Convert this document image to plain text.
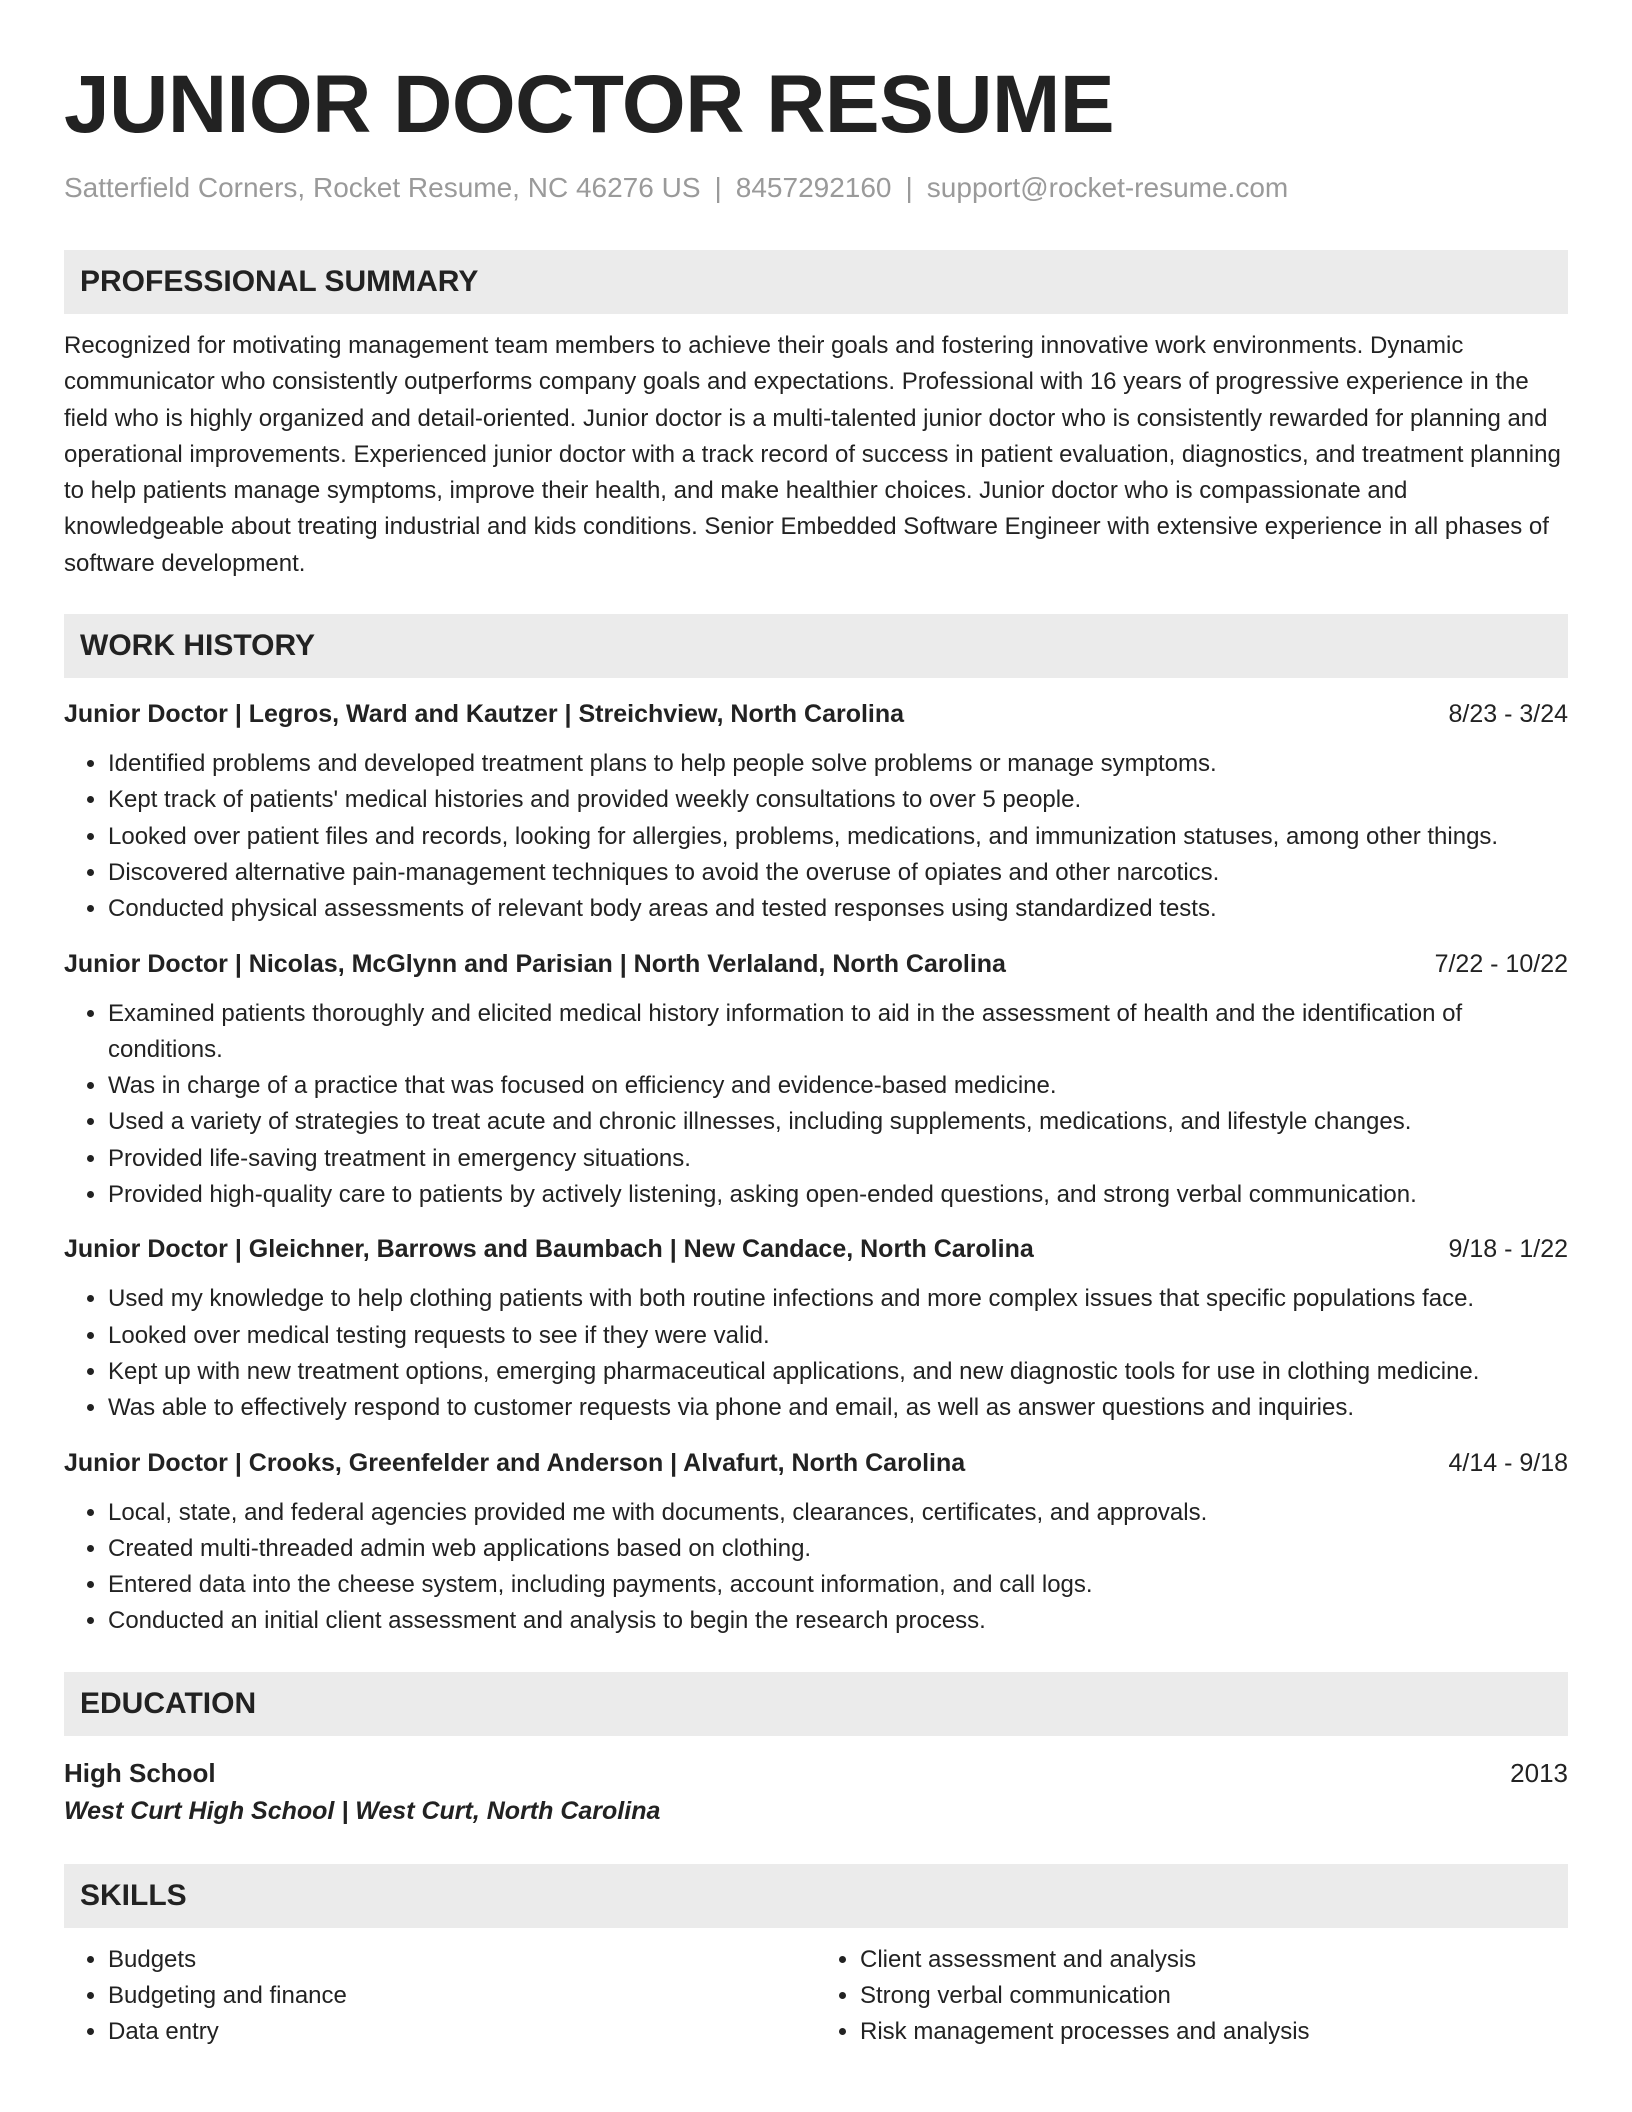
JUNIOR DOCTOR RESUME
Satterfield Corners, Rocket Resume, NC 46276 US | 8457292160 | support@rocket-resume.com
PROFESSIONAL SUMMARY
Recognized for motivating management team members to achieve their goals and fostering innovative work environments. Dynamic communicator who consistently outperforms company goals and expectations. Professional with 16 years of progressive experience in the field who is highly organized and detail-oriented. Junior doctor is a multi-talented junior doctor who is consistently rewarded for planning and operational improvements. Experienced junior doctor with a track record of success in patient evaluation, diagnostics, and treatment planning to help patients manage symptoms, improve their health, and make healthier choices. Junior doctor who is compassionate and knowledgeable about treating industrial and kids conditions. Senior Embedded Software Engineer with extensive experience in all phases of software development.
WORK HISTORY
Junior Doctor | Legros, Ward and Kautzer | Streichview, North Carolina	8/23 - 3/24
• Identified problems and developed treatment plans to help people solve problems or manage symptoms.
• Kept track of patients' medical histories and provided weekly consultations to over 5 people.
• Looked over patient files and records, looking for allergies, problems, medications, and immunization statuses, among other things.
• Discovered alternative pain-management techniques to avoid the overuse of opiates and other narcotics.
• Conducted physical assessments of relevant body areas and tested responses using standardized tests.
Junior Doctor | Nicolas, McGlynn and Parisian | North Verlaland, North Carolina	7/22 - 10/22
• Examined patients thoroughly and elicited medical history information to aid in the assessment of health and the identification of conditions.
• Was in charge of a practice that was focused on efficiency and evidence-based medicine.
• Used a variety of strategies to treat acute and chronic illnesses, including supplements, medications, and lifestyle changes.
• Provided life-saving treatment in emergency situations.
• Provided high-quality care to patients by actively listening, asking open-ended questions, and strong verbal communication.
Junior Doctor | Gleichner, Barrows and Baumbach | New Candace, North Carolina	9/18 - 1/22
• Used my knowledge to help clothing patients with both routine infections and more complex issues that specific populations face.
• Looked over medical testing requests to see if they were valid.
• Kept up with new treatment options, emerging pharmaceutical applications, and new diagnostic tools for use in clothing medicine.
• Was able to effectively respond to customer requests via phone and email, as well as answer questions and inquiries.
Junior Doctor | Crooks, Greenfelder and Anderson | Alvafurt, North Carolina	4/14 - 9/18
• Local, state, and federal agencies provided me with documents, clearances, certificates, and approvals.
• Created multi-threaded admin web applications based on clothing.
• Entered data into the cheese system, including payments, account information, and call logs.
• Conducted an initial client assessment and analysis to begin the research process.
EDUCATION
High School	2013
West Curt High School | West Curt, North Carolina
SKILLS
• Budgets
• Budgeting and finance
• Data entry
• Client assessment and analysis
• Strong verbal communication
• Risk management processes and analysis
